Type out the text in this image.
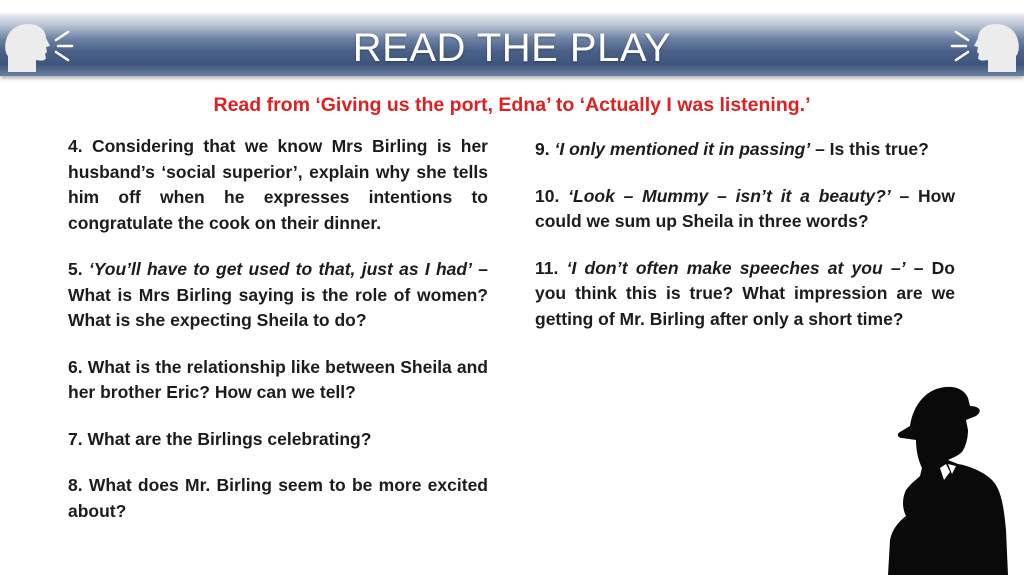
READ THE PLAY
Read from ‘Giving us the port, Edna’ to ‘Actually I was listening.’

4. Considering that we know Mrs Birling is her husband’s ‘social superior’, explain why she tells him off when he expresses intentions to congratulate the cook on their dinner.

5. ‘You’ll have to get used to that, just as I had’ – What is Mrs Birling saying is the role of women? What is she expecting Sheila to do?

6. What is the relationship like between Sheila and her brother Eric? How can we tell?

7. What are the Birlings celebrating?

8. What does Mr. Birling seem to be more excited about?

9. ‘I only mentioned it in passing’ – Is this true?

10. ‘Look – Mummy – isn’t it a beauty?’ – How could we sum up Sheila in three words?

11. ‘I don’t often make speeches at you –’ – Do you think this is true? What impression are we getting of Mr. Birling after only a short time?
